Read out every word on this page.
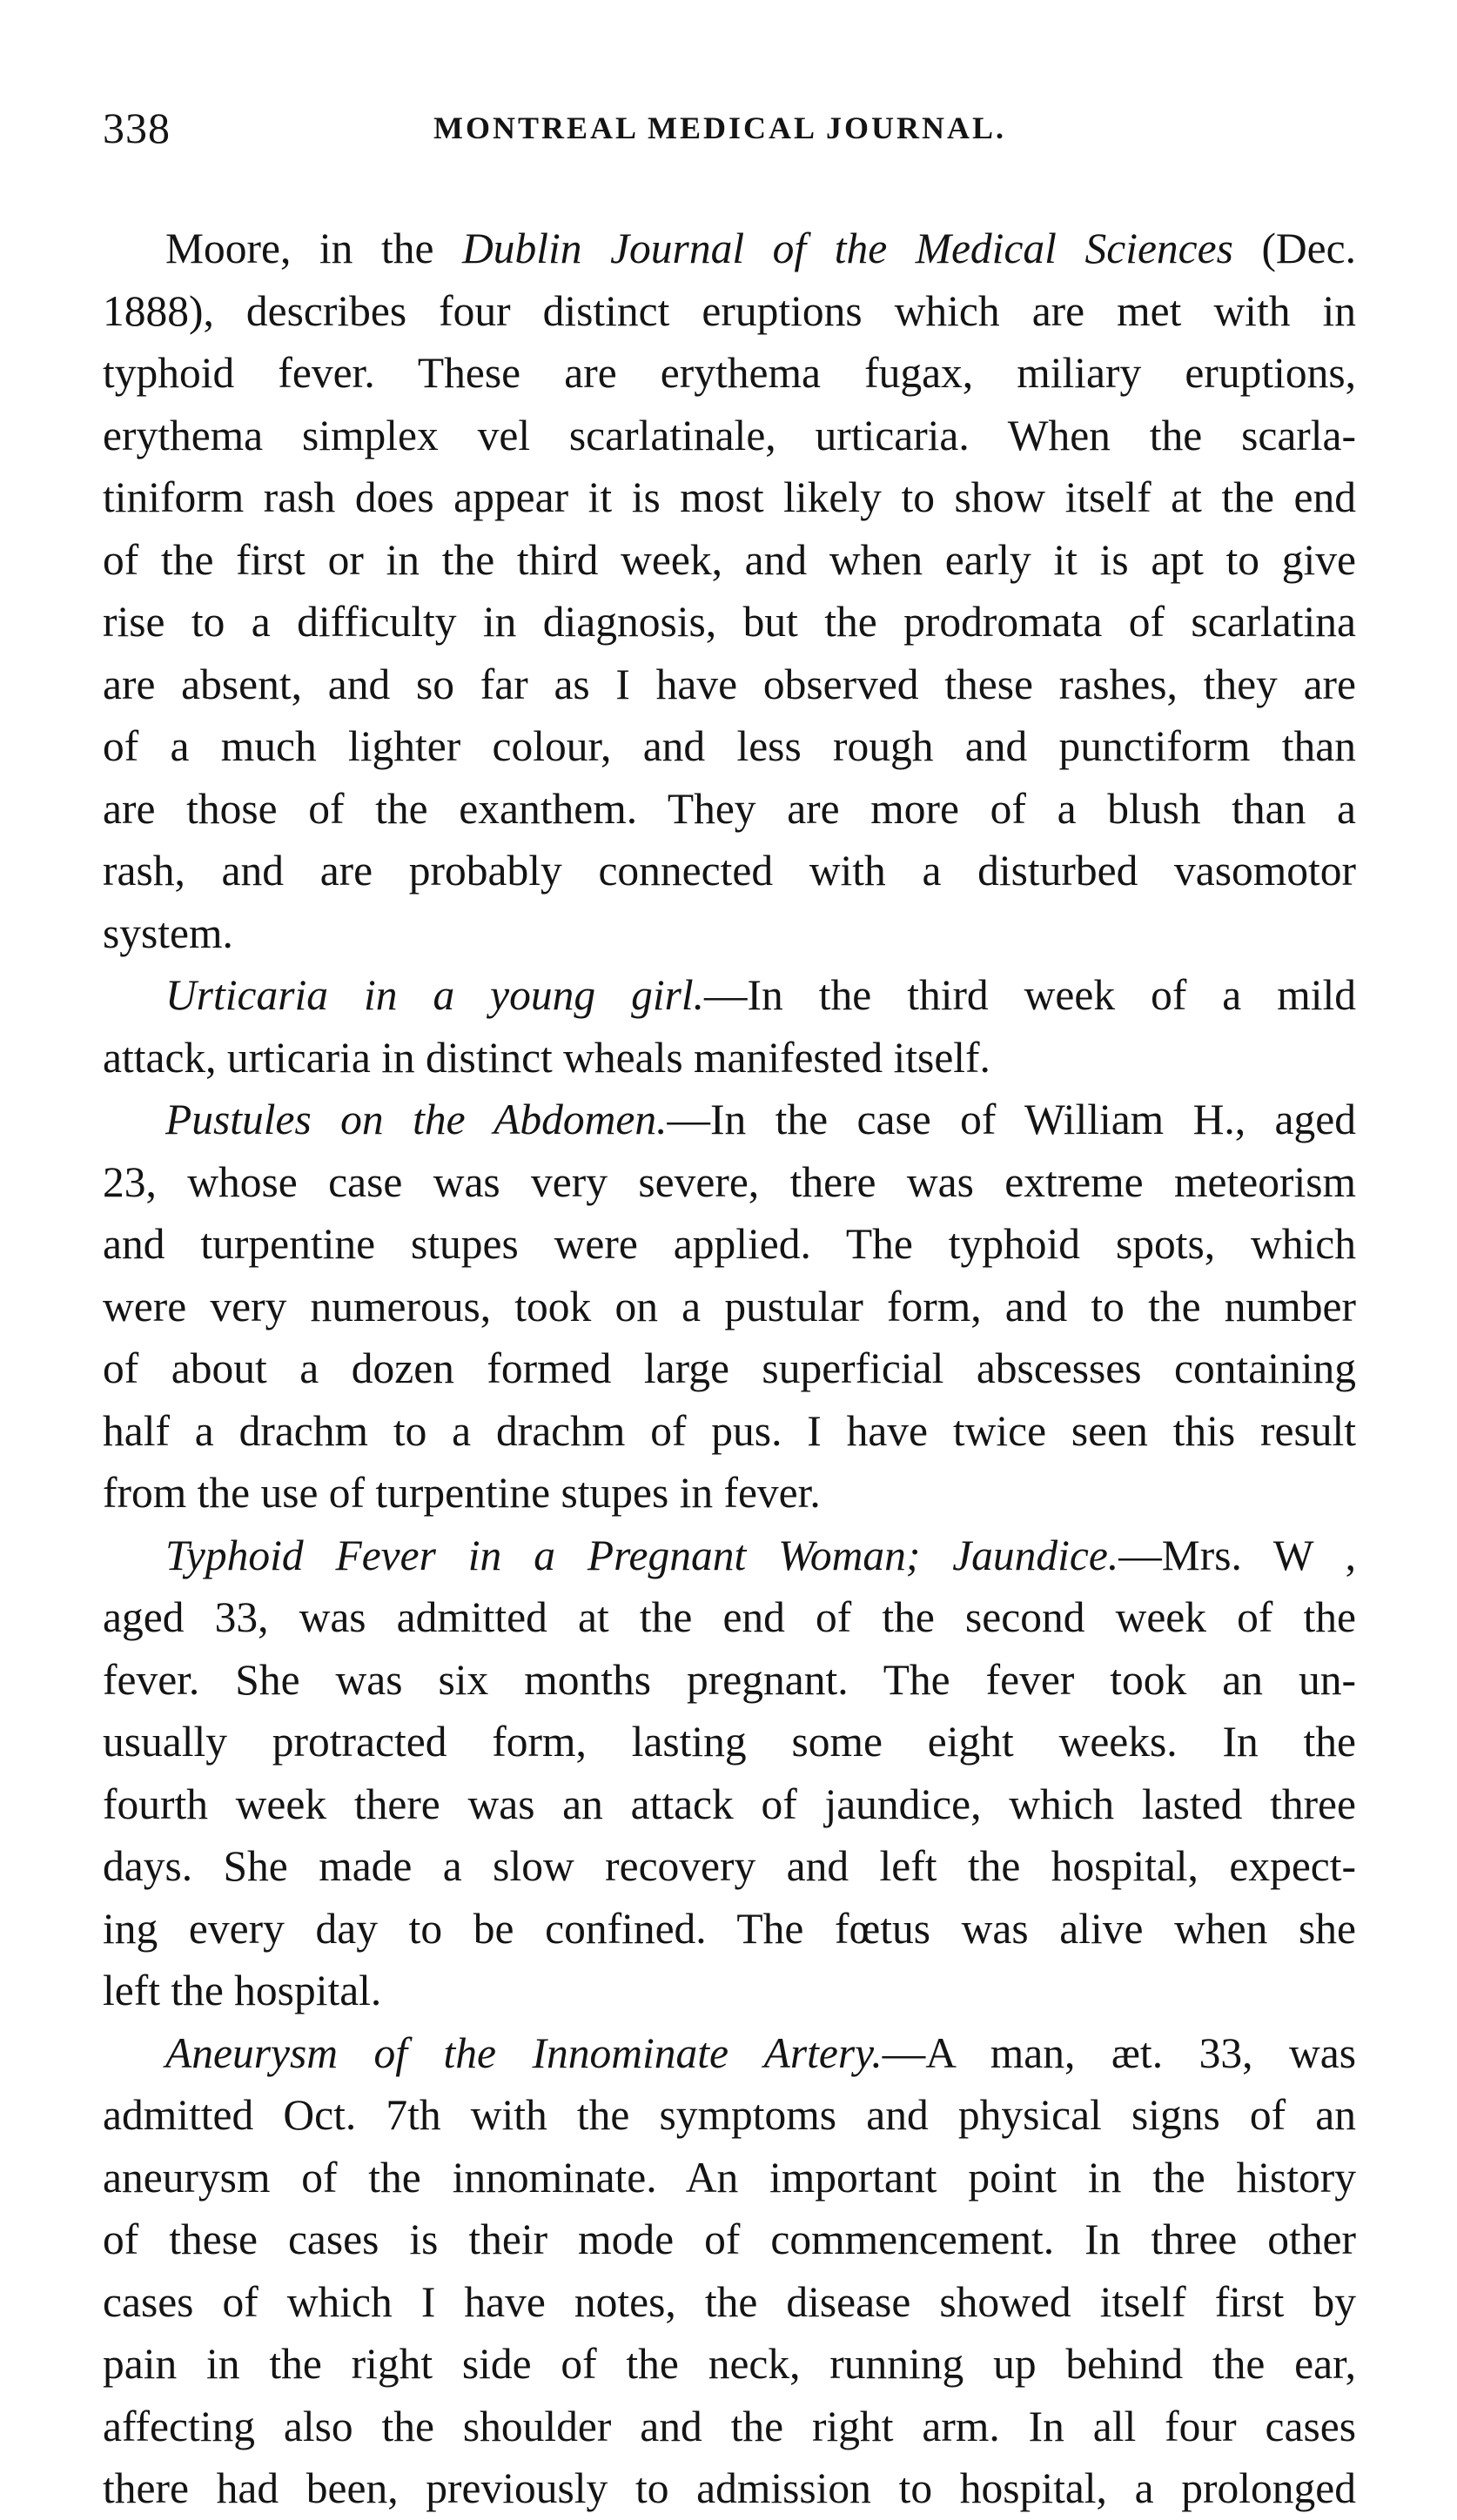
338	MONTREAL MEDICAL JOURNAL.
Moore, in the Dublin Journal of the Medical Sciences (Dec.
1888), describes four distinct eruptions which are met with in
typhoid fever. These are erythema fugax, miliary eruptions,
erythema simplex vel scarlatinale, urticaria. When the scarla-
tiniform rash does appear it is most likely to show itself at the end
of the first or in the third week, and when early it is apt to give
rise to a difficulty in diagnosis, but the prodromata of scarlatina
are absent, and so far as I have observed these rashes, they are
of a much lighter colour, and less rough and punctiform than
are those of the exanthem. They are more of a blush than a
rash, and are probably connected with a disturbed vasomotor
system.
Urticaria in a young girl.—In the third week of a mild
attack, urticaria in distinct wheals manifested itself.
Pustules on the Abdomen.—In the case of William H., aged
23, whose case was very severe, there was extreme meteorism
and turpentine stupes were applied. The typhoid spots, which
were very numerous, took on a pustular form, and to the number
of about a dozen formed large superficial abscesses containing
half a drachm to a drachm of pus. I have twice seen this result
from the use of turpentine stupes in fever.
Typhoid Fever in a Pregnant Woman; Jaundice.—Mrs. W ,
aged 33, was admitted at the end of the second week of the
fever. She was six months pregnant. The fever took an un-
usually protracted form, lasting some eight weeks. In the
fourth week there was an attack of jaundice, which lasted three
days. She made a slow recovery and left the hospital, expect-
ing every day to be confined. The fœtus was alive when she
left the hospital.
Aneurysm of the Innominate Artery.—A man, æt. 33, was
admitted Oct. 7th with the symptoms and physical signs of an
aneurysm of the innominate. An important point in the history
of these cases is their mode of commencement. In three other
cases of which I have notes, the disease showed itself first by
pain in the right side of the neck, running up behind the ear,
affecting also the shoulder and the right arm. In all four cases
there had been, previously to admission to hospital, a prolonged
